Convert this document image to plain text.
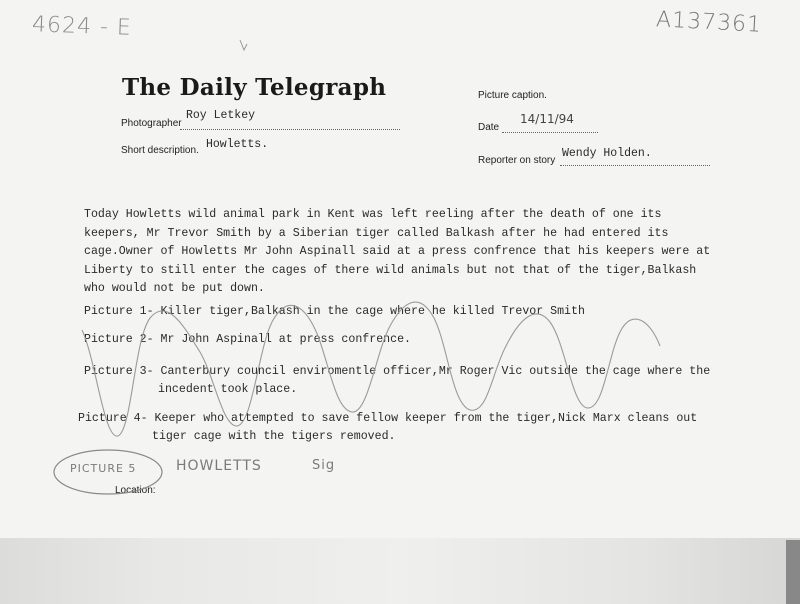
4624 - E	A137361
The Daily Telegraph	Picture caption.
Photographer
Roy Letkey
Date
14/11/94
Short description. Howletts.
Reporter on story
Wendy Holden.

Today Howletts wild animal park in Kent was left reeling after the death of one its keepers, Mr Trevor Smith by a Siberian tiger called Balkash after he had entered its cage.Owner of Howletts Mr John Aspinall said at a press confrence that his keepers were at Liberty to still enter the cages of there wild animals but not that of the tiger,Balkash who would not be put down.

Picture 1- Killer tiger,Balkash in the cage where he killed Trevor Smith
Picture 2- Mr John Aspinall at press confrence.
Picture 3- Canterbury council enviromentle officer,Mr Roger Vic outside the cage where the
incedent took place.
Picture 4- Keeper who attempted to save fellow keeper from the tiger,Nick Marx cleans out
tiger cage with the tigers removed.
PICTURE 5	HOWLETTS	Sig
Location:
